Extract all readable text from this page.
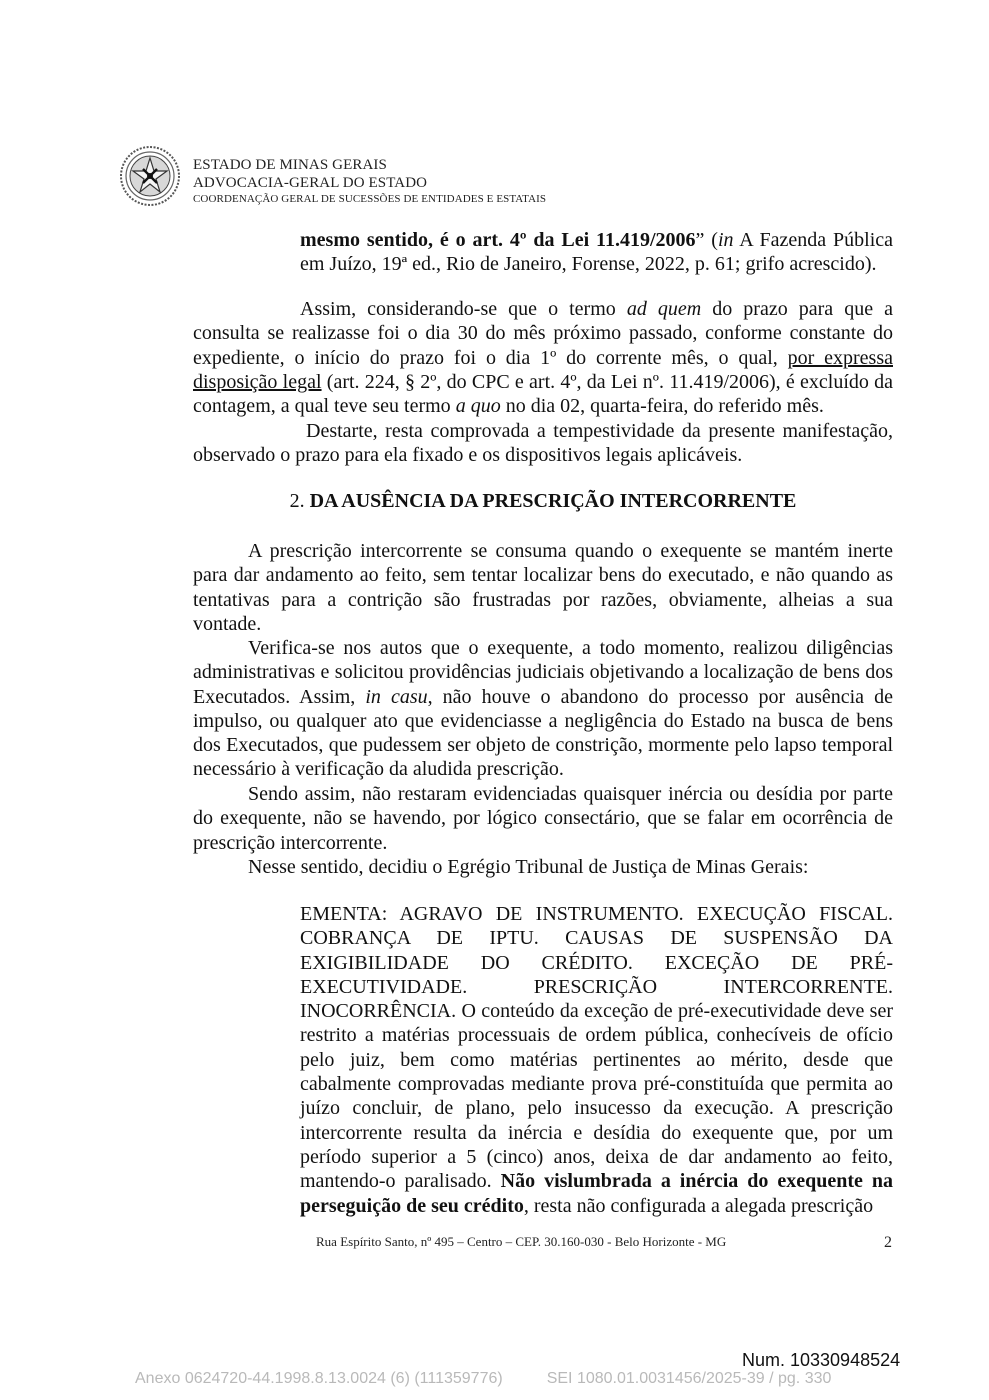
ESTADO DE MINAS GERAIS
ADVOCACIA-GERAL DO ESTADO
COORDENAÇÃO GERAL DE SUCESSÕES DE ENTIDADES E ESTATAIS
mesmo sentido, é o art. 4º da Lei 11.419/2006” (in A Fazenda Pública em Juízo, 19ª ed., Rio de Janeiro, Forense, 2022, p. 61; grifo acrescido).
Assim, considerando-se que o termo ad quem do prazo para que a consulta se realizasse foi o dia 30 do mês próximo passado, conforme constante do expediente, o início do prazo foi o dia 1º do corrente mês, o qual, por expressa disposição legal (art. 224, § 2º, do CPC e art. 4º, da Lei nº. 11.419/2006), é excluído da contagem, a qual teve seu termo a quo no dia 02, quarta-feira, do referido mês.
Destarte, resta comprovada a tempestividade da presente manifestação, observado o prazo para ela fixado e os dispositivos legais aplicáveis.
2. DA AUSÊNCIA DA PRESCRIÇÃO INTERCORRENTE
A prescrição intercorrente se consuma quando o exequente se mantém inerte para dar andamento ao feito, sem tentar localizar bens do executado, e não quando as tentativas para a contrição são frustradas por razões, obviamente, alheias a sua vontade.
Verifica-se nos autos que o exequente, a todo momento, realizou diligências administrativas e solicitou providências judiciais objetivando a localização de bens dos Executados. Assim, in casu, não houve o abandono do processo por ausência de impulso, ou qualquer ato que evidenciasse a negligência do Estado na busca de bens dos Executados, que pudessem ser objeto de constrição, mormente pelo lapso temporal necessário à verificação da aludida prescrição.
Sendo assim, não restaram evidenciadas quaisquer inércia ou desídia por parte do exequente, não se havendo, por lógico consectário, que se falar em ocorrência de prescrição intercorrente.
Nesse sentido, decidiu o Egrégio Tribunal de Justiça de Minas Gerais:
EMENTA: AGRAVO DE INSTRUMENTO. EXECUÇÃO FISCAL. COBRANÇA DE IPTU. CAUSAS DE SUSPENSÃO DA EXIGIBILIDADE DO CRÉDITO. EXCEÇÃO DE PRÉ-EXECUTIVIDADE. PRESCRIÇÃO INTERCORRENTE. INOCORRÊNCIA. O conteúdo da exceção de pré-executividade deve ser restrito a matérias processuais de ordem pública, conhecíveis de ofício pelo juiz, bem como matérias pertinentes ao mérito, desde que cabalmente comprovadas mediante prova pré-constituída que permita ao juízo concluir, de plano, pelo insucesso da execução. A prescrição intercorrente resulta da inércia e desídia do exequente que, por um período superior a 5 (cinco) anos, deixa de dar andamento ao feito, mantendo-o paralisado. Não vislumbrada a inércia do exequente na perseguição de seu crédito, resta não configurada a alegada prescrição
Rua Espírito Santo, nº 495 – Centro – CEP. 30.160-030 - Belo Horizonte - MG	2
Num. 10330948524
Anexo 0624720-44.1998.8.13.0024 (6) (111359776)	SEI 1080.01.0031456/2025-39 / pg. 330
